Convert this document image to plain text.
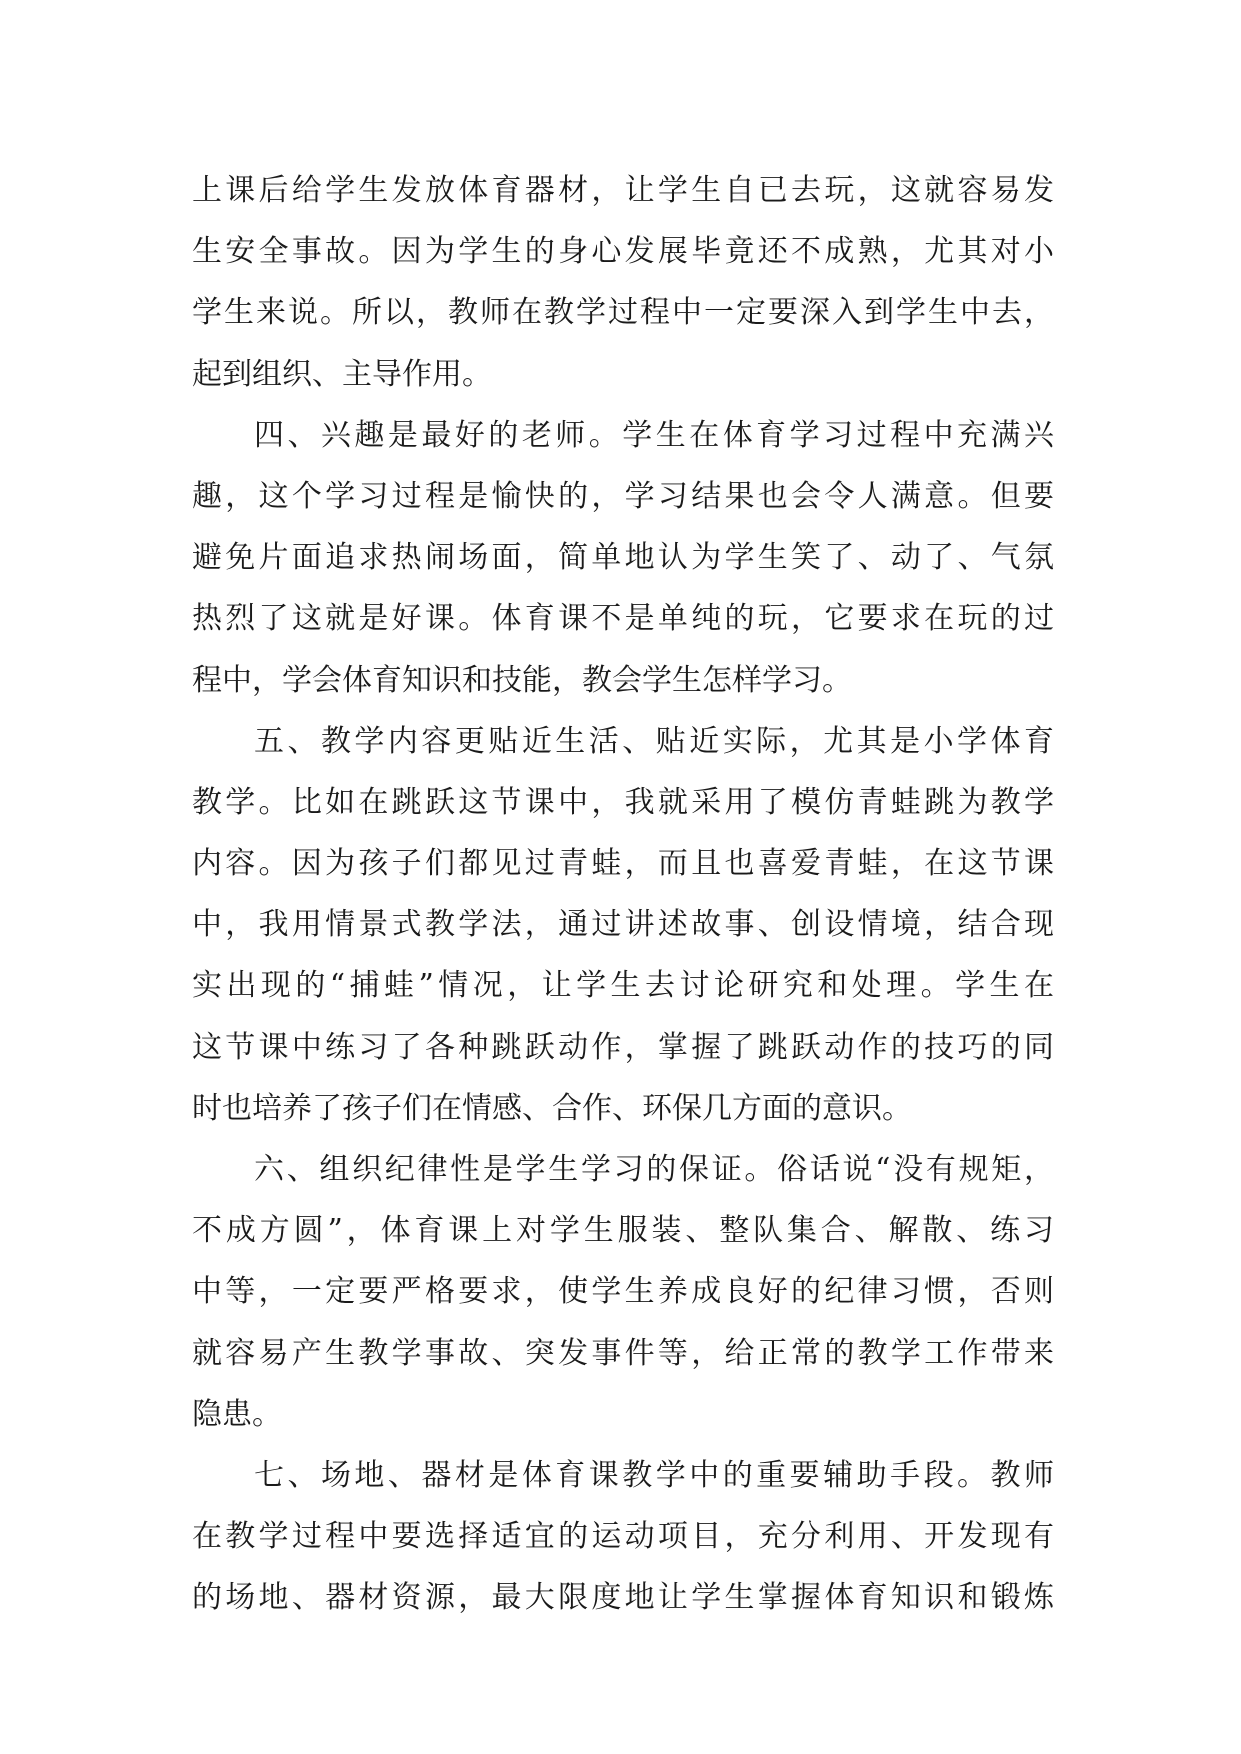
上课后给学生发放体育器材，让学生自已去玩，这就容易发
生安全事故。因为学生的身心发展毕竟还不成熟，尤其对小
学生来说。所以，教师在教学过程中一定要深入到学生中去，
起到组织、主导作用。
四、兴趣是最好的老师。学生在体育学习过程中充满兴
趣，这个学习过程是愉快的，学习结果也会令人满意。但要
避免片面追求热闹场面，简单地认为学生笑了、动了、气氛
热烈了这就是好课。体育课不是单纯的玩，它要求在玩的过
程中，学会体育知识和技能，教会学生怎样学习。
五、教学内容更贴近生活、贴近实际，尤其是小学体育
教学。比如在跳跃这节课中，我就采用了模仿青蛙跳为教学
内容。因为孩子们都见过青蛙，而且也喜爱青蛙，在这节课
中，我用情景式教学法，通过讲述故事、创设情境，结合现
实出现的“捕蛙”情况，让学生去讨论研究和处理。学生在
这节课中练习了各种跳跃动作，掌握了跳跃动作的技巧的同
时也培养了孩子们在情感、合作、环保几方面的意识。
六、组织纪律性是学生学习的保证。俗话说“没有规矩，
不成方圆”，体育课上对学生服装、整队集合、解散、练习
中等，一定要严格要求，使学生养成良好的纪律习惯，否则
就容易产生教学事故、突发事件等，给正常的教学工作带来
隐患。
七、场地、器材是体育课教学中的重要辅助手段。教师
在教学过程中要选择适宜的运动项目，充分利用、开发现有
的场地、器材资源，最大限度地让学生掌握体育知识和锻炼
